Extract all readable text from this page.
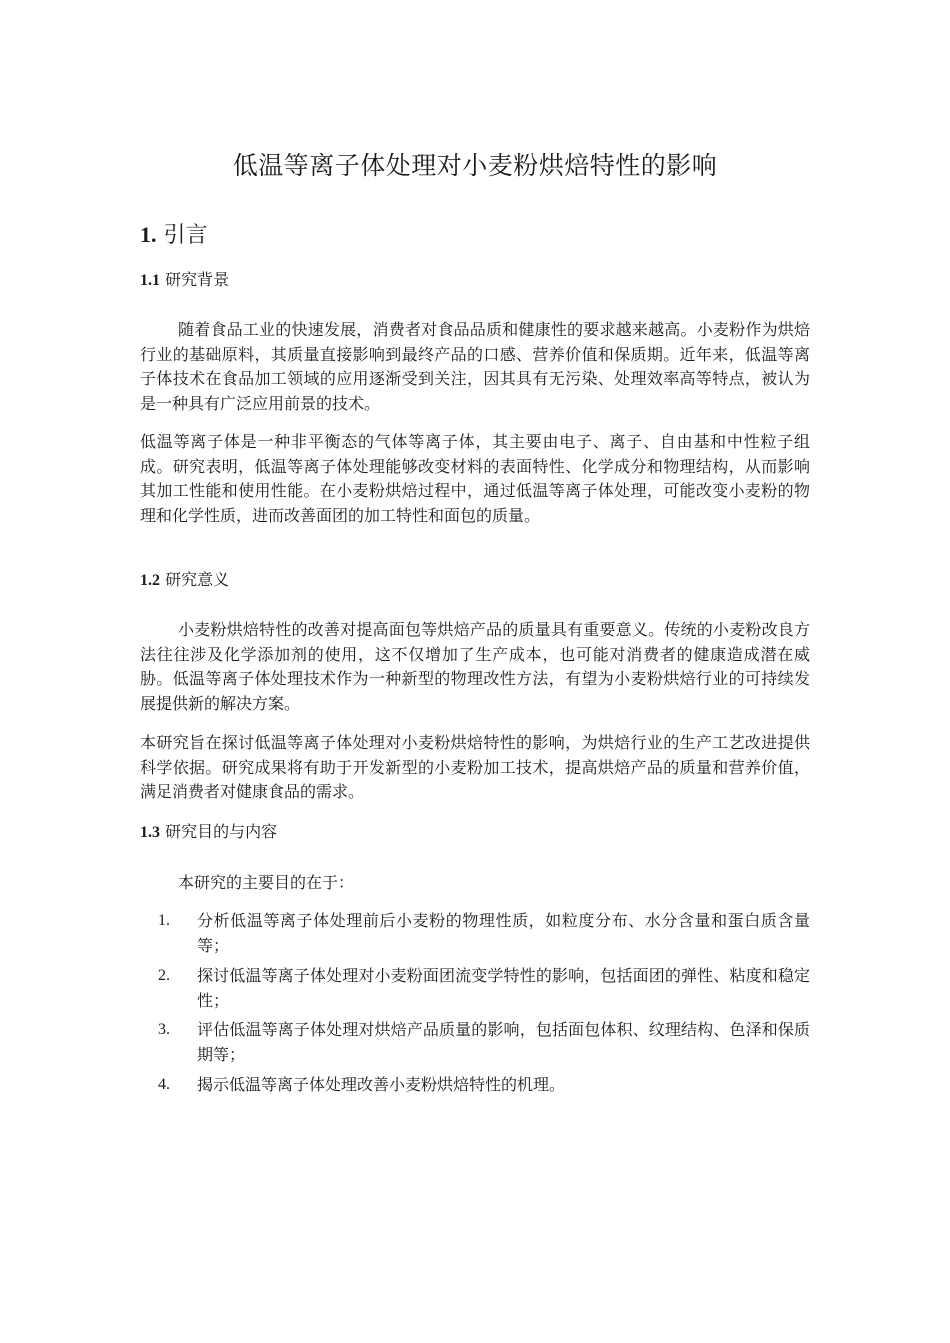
低温等离子体处理对小麦粉烘焙特性的影响
1. 引言
1.1 研究背景

随着食品工业的快速发展，消费者对食品品质和健康性的要求越来越高。小麦粉作为烘焙行业的基础原料，其质量直接影响到最终产品的口感、营养价值和保质期。近年来，低温等离子体技术在食品加工领域的应用逐渐受到关注，因其具有无污染、处理效率高等特点，被认为是一种具有广泛应用前景的技术。

低温等离子体是一种非平衡态的气体等离子体，其主要由电子、离子、自由基和中性粒子组成。研究表明，低温等离子体处理能够改变材料的表面特性、化学成分和物理结构，从而影响其加工性能和使用性能。在小麦粉烘焙过程中，通过低温等离子体处理，可能改变小麦粉的物理和化学性质，进而改善面团的加工特性和面包的质量。

1.2 研究意义

小麦粉烘焙特性的改善对提高面包等烘焙产品的质量具有重要意义。传统的小麦粉改良方法往往涉及化学添加剂的使用，这不仅增加了生产成本，也可能对消费者的健康造成潜在威胁。低温等离子体处理技术作为一种新型的物理改性方法，有望为小麦粉烘焙行业的可持续发展提供新的解决方案。

本研究旨在探讨低温等离子体处理对小麦粉烘焙特性的影响，为烘焙行业的生产工艺改进提供科学依据。研究成果将有助于开发新型的小麦粉加工技术，提高烘焙产品的质量和营养价值，满足消费者对健康食品的需求。

1.3 研究目的与内容

本研究的主要目的在于：

1. 分析低温等离子体处理前后小麦粉的物理性质，如粒度分布、水分含量和蛋白质含量等；
2. 探讨低温等离子体处理对小麦粉面团流变学特性的影响，包括面团的弹性、粘度和稳定性；
3. 评估低温等离子体处理对烘焙产品质量的影响，包括面包体积、纹理结构、色泽和保质期等；
4. 揭示低温等离子体处理改善小麦粉烘焙特性的机理。
